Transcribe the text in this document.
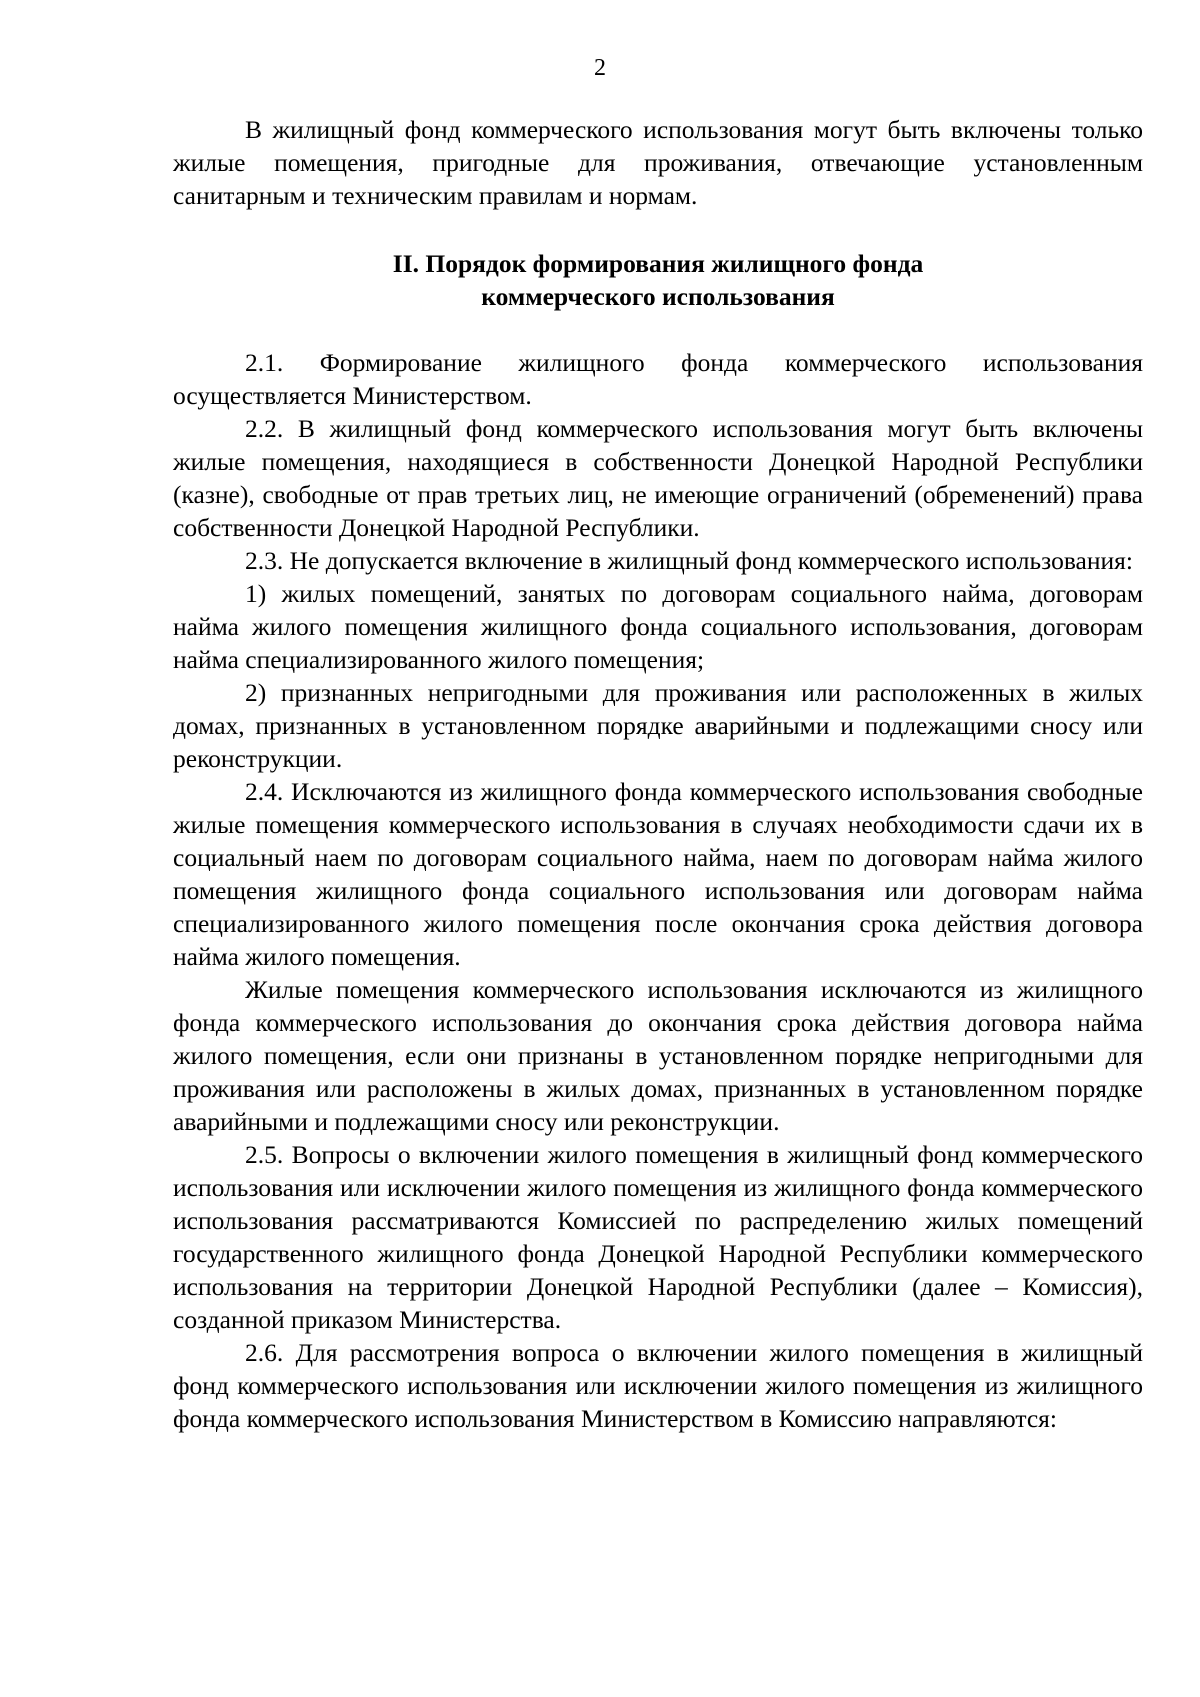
2

В жилищный фонд коммерческого использования могут быть включены только жилые помещения, пригодные для проживания, отвечающие установленным санитарным и техническим правилам и нормам.

II. Порядок формирования жилищного фонда
коммерческого использования

2.1. Формирование жилищного фонда коммерческого использования осуществляется Министерством.

2.2. В жилищный фонд коммерческого использования могут быть включены жилые помещения, находящиеся в собственности Донецкой Народной Республики (казне), свободные от прав третьих лиц, не имеющие ограничений (обременений) права собственности Донецкой Народной Республики.

2.3. Не допускается включение в жилищный фонд коммерческого использования:

1) жилых помещений, занятых по договорам социального найма, договорам найма жилого помещения жилищного фонда социального использования, договорам найма специализированного жилого помещения;

2) признанных непригодными для проживания или расположенных в жилых домах, признанных в установленном порядке аварийными и подлежащими сносу или реконструкции.

2.4. Исключаются из жилищного фонда коммерческого использования свободные жилые помещения коммерческого использования в случаях необходимости сдачи их в социальный наем по договорам социального найма, наем по договорам найма жилого помещения жилищного фонда социального использования или договорам найма специализированного жилого помещения после окончания срока действия договора найма жилого помещения.

Жилые помещения коммерческого использования исключаются из жилищного фонда коммерческого использования до окончания срока действия договора найма жилого помещения, если они признаны в установленном порядке непригодными для проживания или расположены в жилых домах, признанных в установленном порядке аварийными и подлежащими сносу или реконструкции.

2.5. Вопросы о включении жилого помещения в жилищный фонд коммерческого использования или исключении жилого помещения из жилищного фонда коммерческого использования рассматриваются Комиссией по распределению жилых помещений государственного жилищного фонда Донецкой Народной Республики коммерческого использования на территории Донецкой Народной Республики (далее – Комиссия), созданной приказом Министерства.

2.6. Для рассмотрения вопроса о включении жилого помещения в жилищный фонд коммерческого использования или исключении жилого помещения из жилищного фонда коммерческого использования Министерством в Комиссию направляются:
